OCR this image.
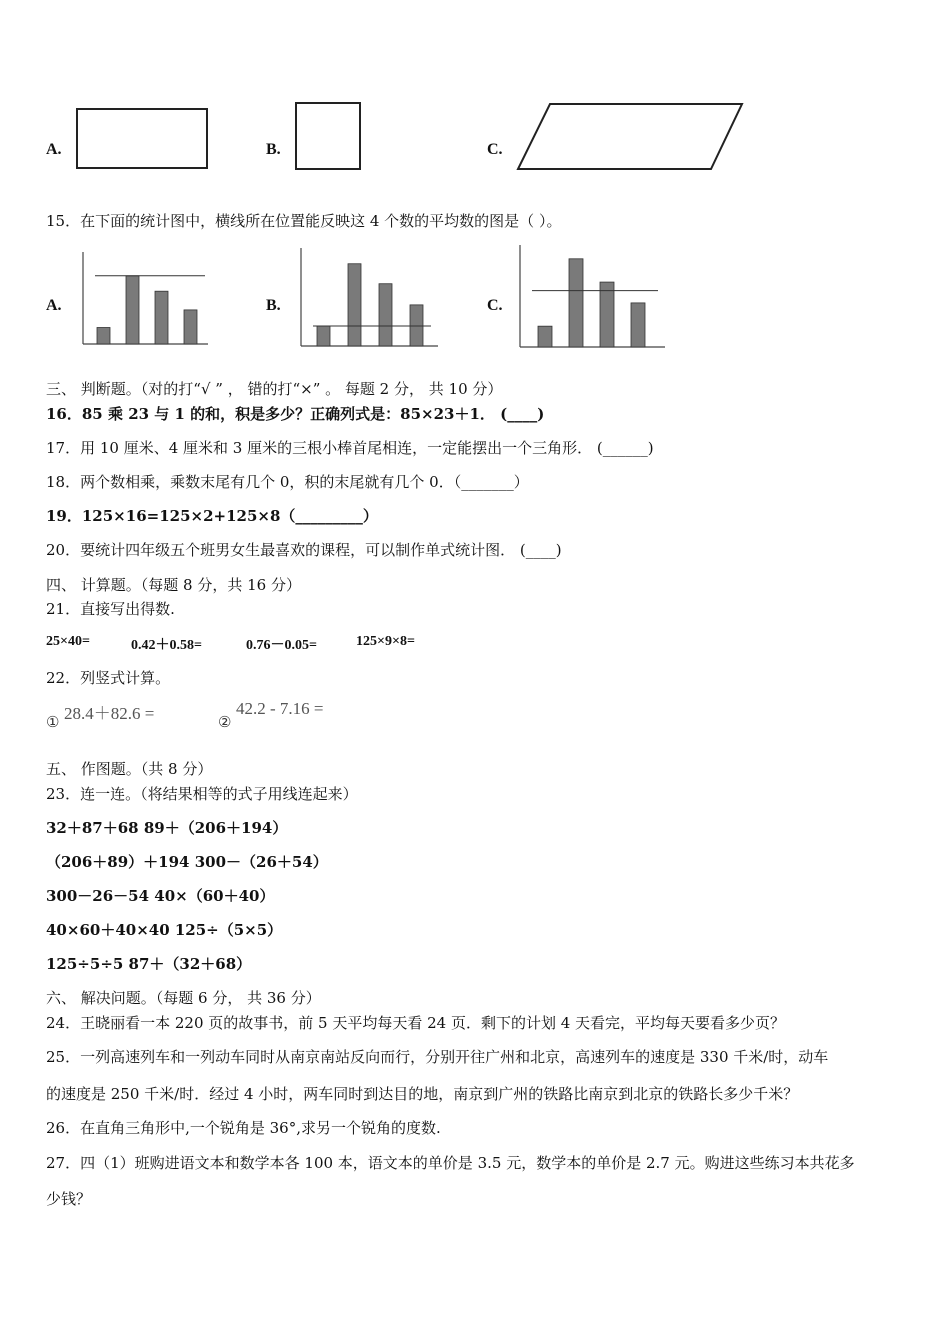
A.	B.	C.
15．在下面的统计图中，横线所在位置能反映这 4 个数的平均数的图是（ ）。
A.	B.	C.
三、 判断题。（对的打“√ ” ， 错的打“×” 。 每题 2 分， 共 10 分）
16．85 乘 23 与 1 的和，积是多少？正确列式是：85×23＋1． (____)
17．用 10 厘米、4 厘米和 3 厘米的三根小棒首尾相连，一定能摆出一个三角形． (______)
18．两个数相乘，乘数末尾有几个 0，积的末尾就有几个 0．（_______）
19．125×16=125×2+125×8（_________）
20．要统计四年级五个班男女生最喜欢的课程，可以制作单式统计图． (____)
四、 计算题。（每题 8 分，共 16 分）
21．直接写出得数.
25×40=	0.42＋0.58=	0.76－0.05=	125×9×8=
22．列竖式计算。
① 28.4＋82.6 =	②
42.2 - 7.16 =
五、 作图题。（共 8 分）
23．连一连。（将结果相等的式子用线连起来）
32＋87＋68 89＋（206＋194）
（206＋89）＋194 300－（26＋54）
300－26－54 40×（60＋40）
40×60＋40×40 125÷（5×5）
125÷5÷5 87＋（32＋68）
六、 解决问题。（每题 6 分， 共 36 分）
24．王晓丽看一本 220 页的故事书，前 5 天平均每天看 24 页．剩下的计划 4 天看完，平均每天要看多少页？
25．一列高速列车和一列动车同时从南京南站反向而行，分别开往广州和北京，高速列车的速度是 330 千米/时，动车
的速度是 250 千米/时．经过 4 小时，两车同时到达目的地，南京到广州的铁路比南京到北京的铁路长多少千米？
26．在直角三角形中,一个锐角是 36°,求另一个锐角的度数.
27．四（1）班购进语文本和数学本各 100 本，语文本的单价是 3.5 元，数学本的单价是 2.7 元。购进这些练习本共花多
少钱？
